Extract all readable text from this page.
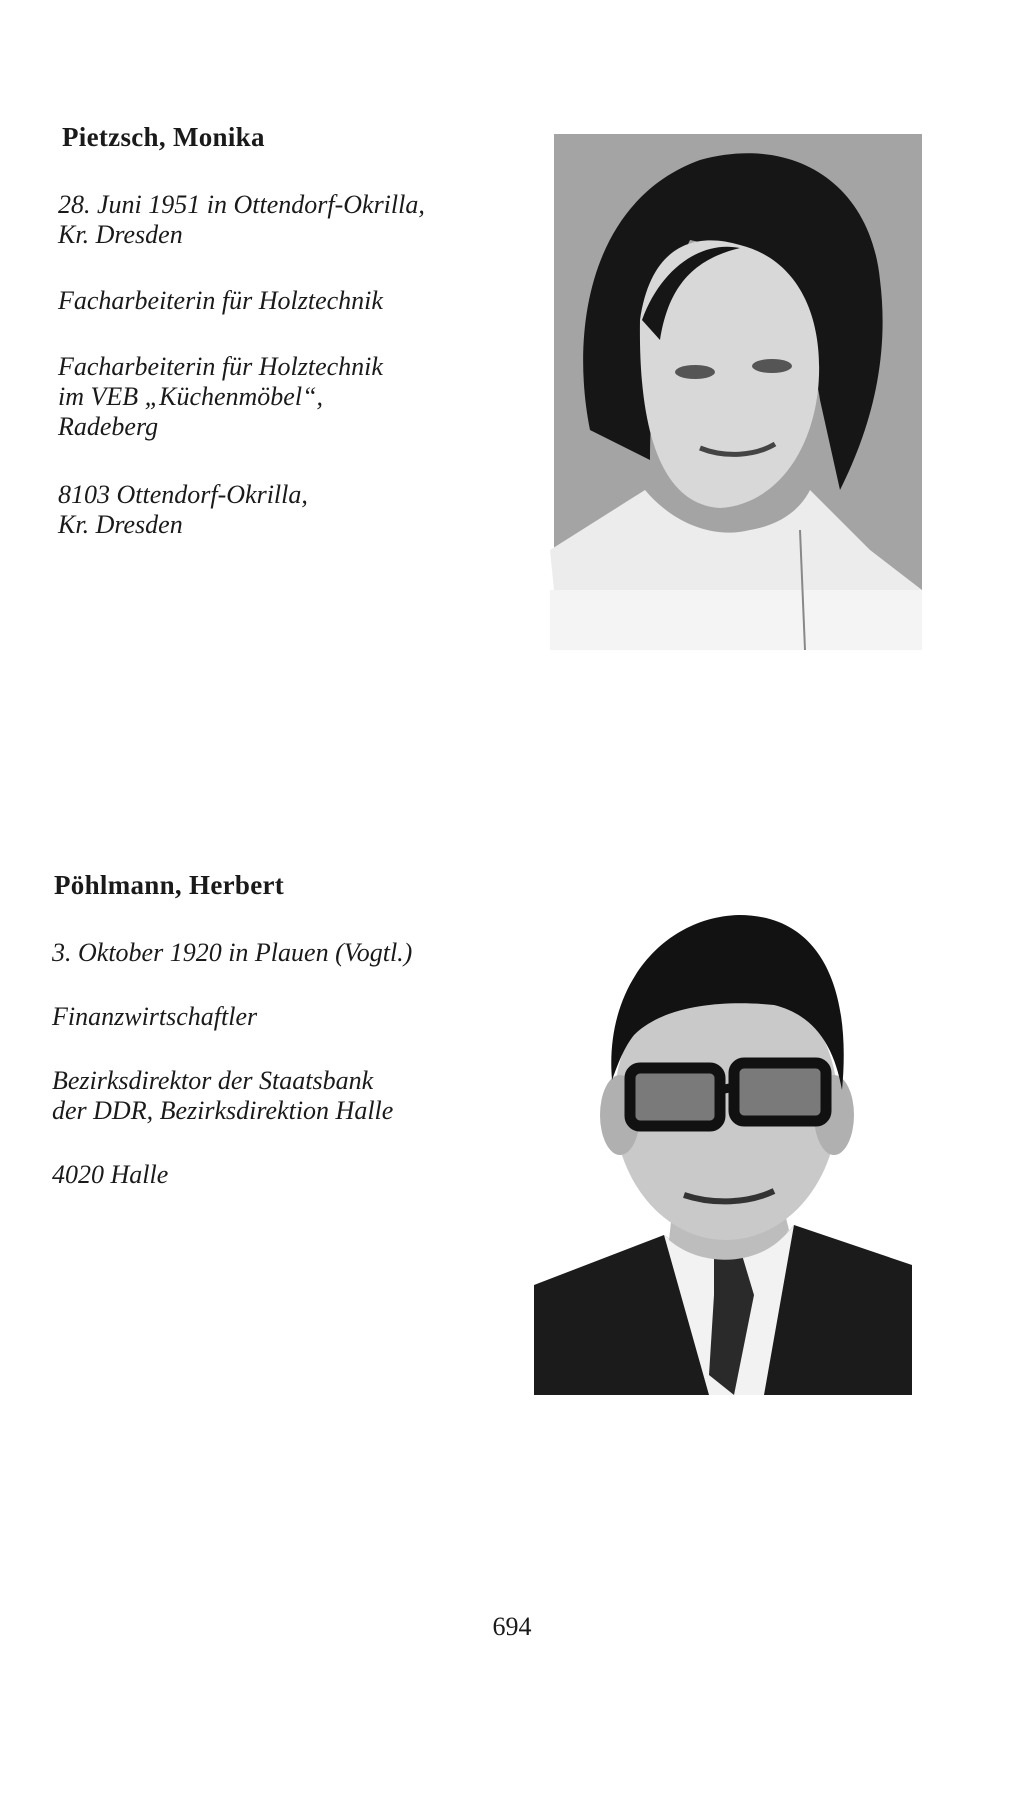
Pietzsch, Monika
28. Juni 1951 in Ottendorf-Okrilla,
Kr. Dresden
Facharbeiterin für Holztechnik
Facharbeiterin für Holztechnik
im VEB „Küchenmöbel“,
Radeberg
8103 Ottendorf-Okrilla,
Kr. Dresden
Pöhlmann, Herbert
3. Oktober 1920 in Plauen (Vogtl.)
Finanzwirtschaftler
Bezirksdirektor der Staatsbank
der DDR, Bezirksdirektion Halle
4020 Halle
694
